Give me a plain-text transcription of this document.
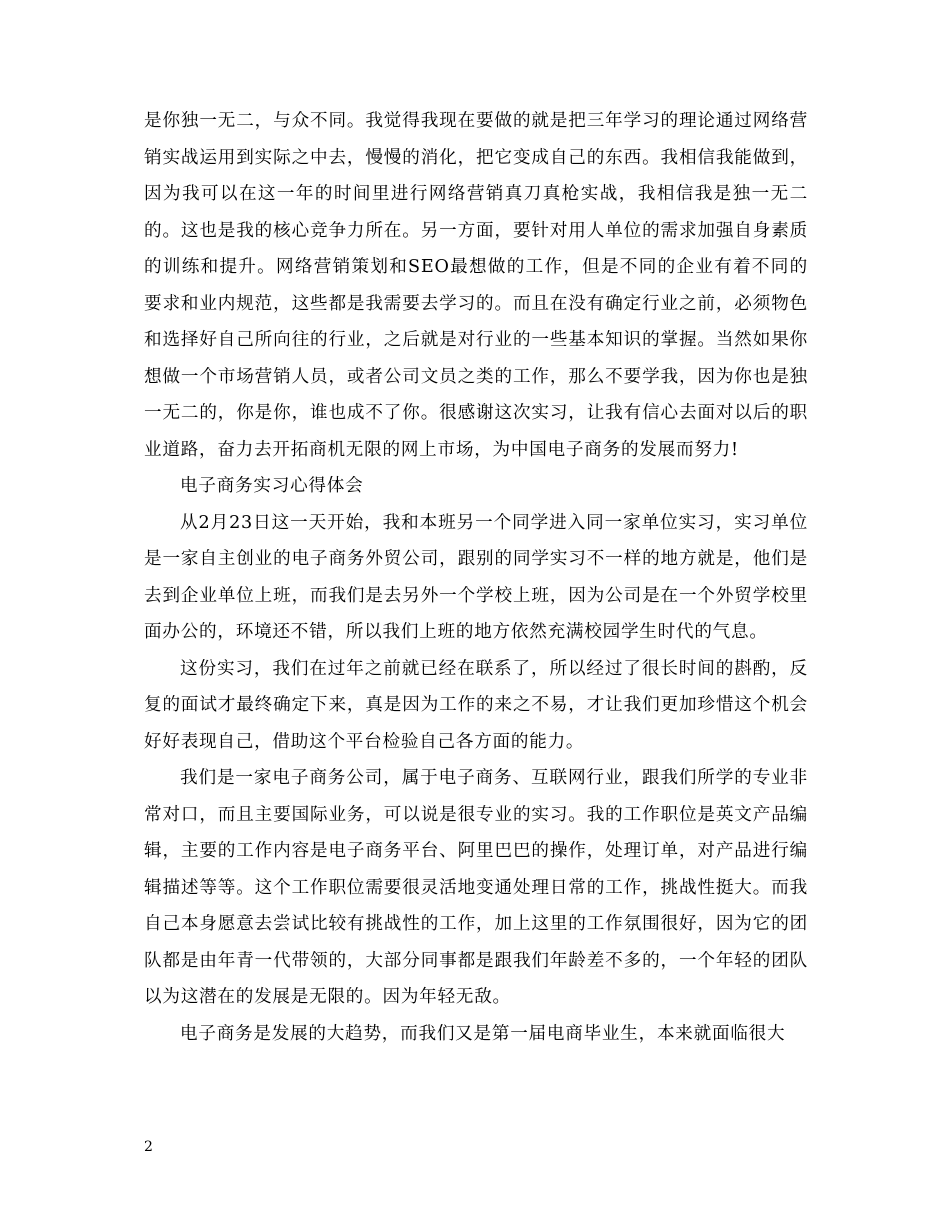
是你独一无二，与众不同。我觉得我现在要做的就是把三年学习的理论通过网络营销实战运用到实际之中去，慢慢的消化，把它变成自己的东西。我相信我能做到，因为我可以在这一年的时间里进行网络营销真刀真枪实战，我相信我是独一无二的。这也是我的核心竞争力所在。另一方面，要针对用人单位的需求加强自身素质的训练和提升。网络营销策划和SEO最想做的工作，但是不同的企业有着不同的要求和业内规范，这些都是我需要去学习的。而且在没有确定行业之前，必须物色和选择好自己所向往的行业，之后就是对行业的一些基本知识的掌握。当然如果你想做一个市场营销人员，或者公司文员之类的工作，那么不要学我，因为你也是独一无二的，你是你，谁也成不了你。很感谢这次实习，让我有信心去面对以后的职业道路，奋力去开拓商机无限的网上市场，为中国电子商务的发展而努力!

电子商务实习心得体会

从2月23日这一天开始，我和本班另一个同学进入同一家单位实习，实习单位是一家自主创业的电子商务外贸公司，跟别的同学实习不一样的地方就是，他们是去到企业单位上班，而我们是去另外一个学校上班，因为公司是在一个外贸学校里面办公的，环境还不错，所以我们上班的地方依然充满校园学生时代的气息。

这份实习，我们在过年之前就已经在联系了，所以经过了很长时间的斟酌，反复的面试才最终确定下来，真是因为工作的来之不易，才让我们更加珍惜这个机会好好表现自己，借助这个平台检验自己各方面的能力。

我们是一家电子商务公司，属于电子商务、互联网行业，跟我们所学的专业非常对口，而且主要国际业务，可以说是很专业的实习。我的工作职位是英文产品编辑，主要的工作内容是电子商务平台、阿里巴巴的操作，处理订单，对产品进行编辑描述等等。这个工作职位需要很灵活地变通处理日常的工作，挑战性挺大。而我自己本身愿意去尝试比较有挑战性的工作，加上这里的工作氛围很好，因为它的团队都是由年青一代带领的，大部分同事都是跟我们年龄差不多的，一个年轻的团队以为这潜在的发展是无限的。因为年轻无敌。

电子商务是发展的大趋势，而我们又是第一届电商毕业生，本来就面临很大

2
